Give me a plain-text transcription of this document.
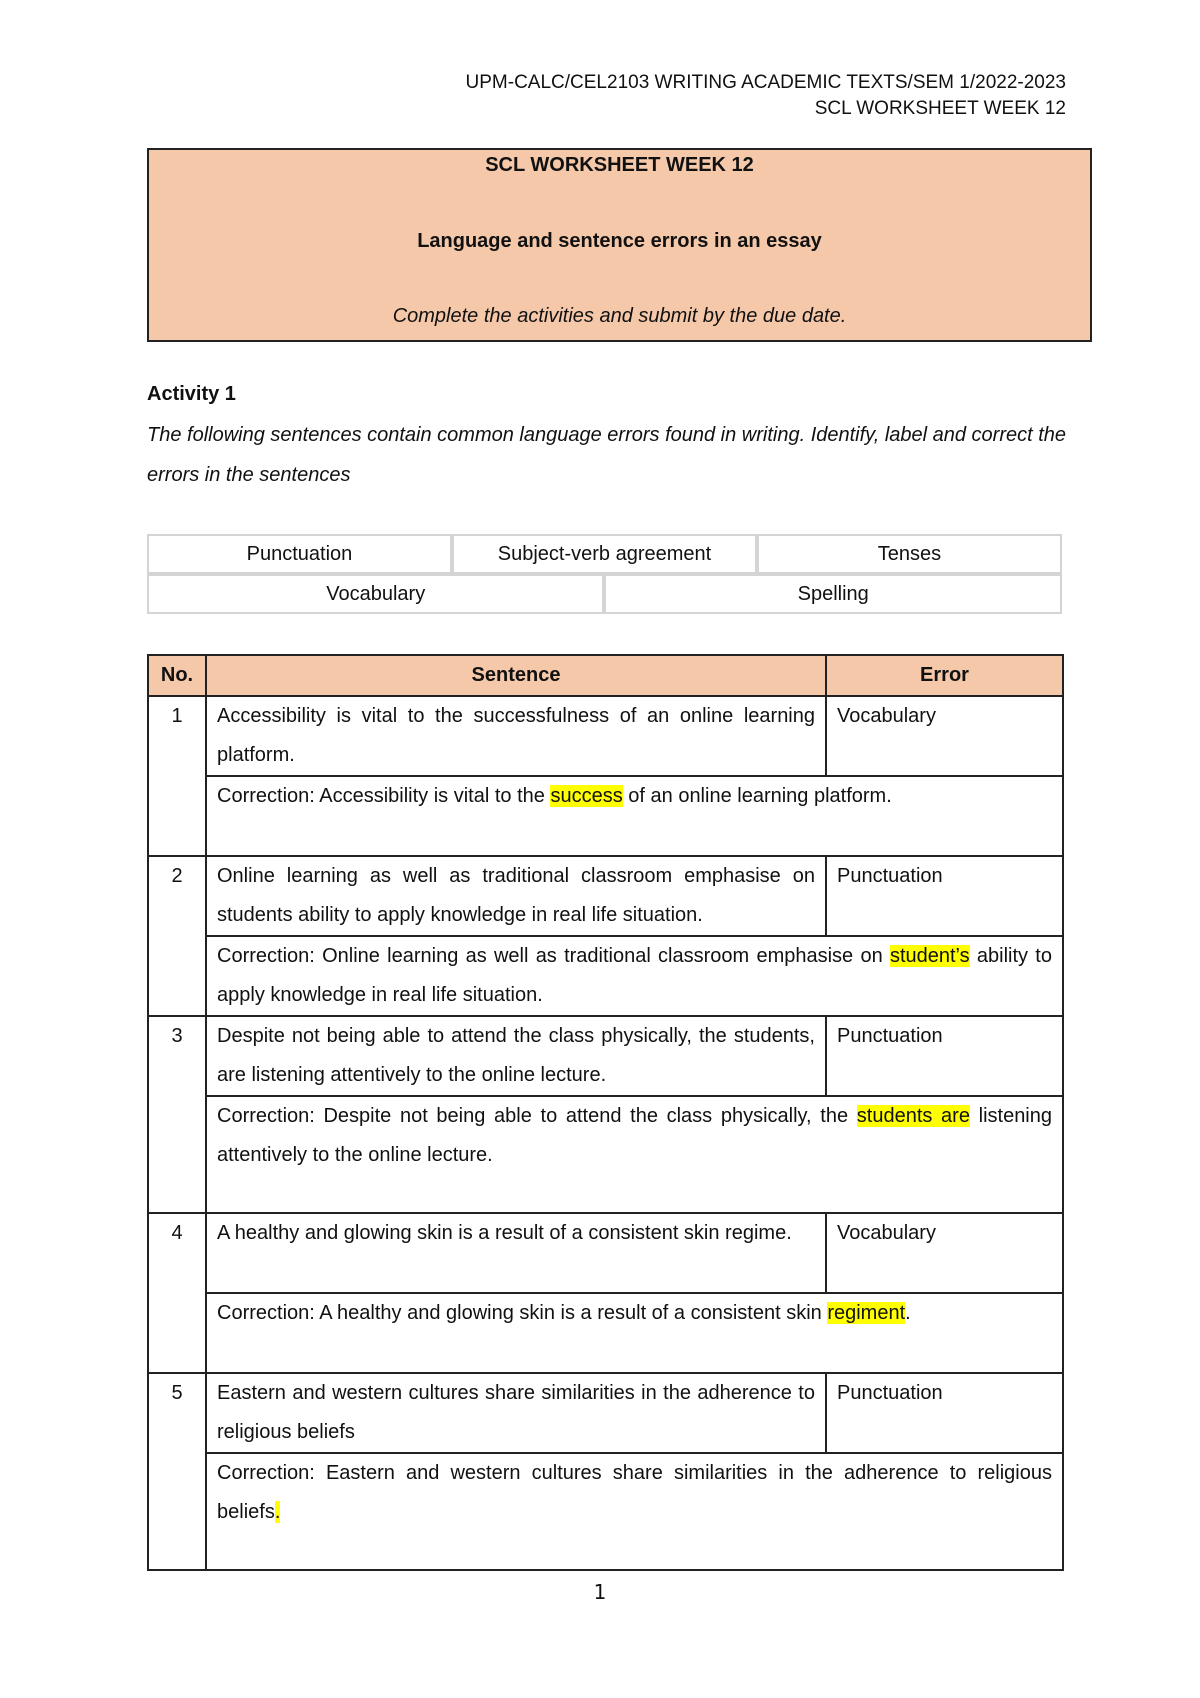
UPM-CALC/CEL2103 WRITING ACADEMIC TEXTS/SEM 1/2022-2023
SCL WORKSHEET WEEK 12
SCL WORKSHEET WEEK 12
Language and sentence errors in an essay
Complete the activities and submit by the due date.
Activity 1
The following sentences contain common language errors found in writing. Identify, label and correct the errors in the sentences
Punctuation	Subject-verb agreement		Tenses
Vocabulary		Spelling	
No.	Sentence	Error
1	Accessibility is vital to the successfulness of an online learning platform.	Vocabulary
	Correction: Accessibility is vital to the success of an online learning platform.	
2	Online learning as well as traditional classroom emphasise on students ability to apply knowledge in real life situation.	Punctuation
	Correction: Online learning as well as traditional classroom emphasise on student’s ability to apply knowledge in real life situation.	
3	Despite not being able to attend the class physically, the students, are listening attentively to the online lecture.	Punctuation
	Correction: Despite not being able to attend the class physically, the students are listening attentively to the online lecture.	
4	A healthy and glowing skin is a result of a consistent skin regime.	Vocabulary
	Correction: A healthy and glowing skin is a result of a consistent skin regiment.	
5	Eastern and western cultures share similarities in the adherence to religious beliefs	Punctuation
	Correction: Eastern and western cultures share similarities in the adherence to religious beliefs.	
1
